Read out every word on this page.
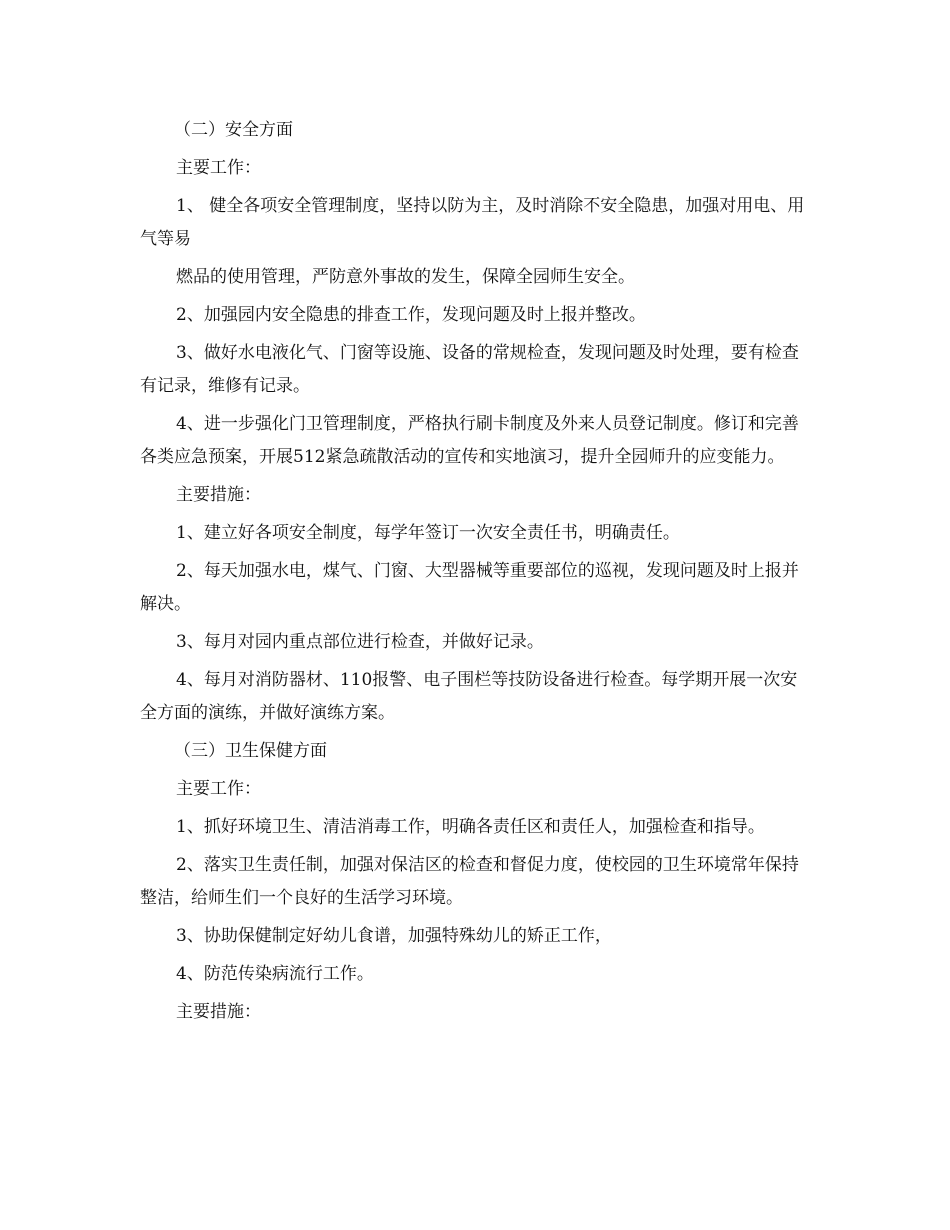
（二）安全方面

主要工作：

1、 健全各项安全管理制度，坚持以防为主，及时消除不安全隐患，加强对用电、用气等易

燃品的使用管理，严防意外事故的发生，保障全园师生安全。

2、加强园内安全隐患的排查工作，发现问题及时上报并整改。

3、做好水电液化气、门窗等设施、设备的常规检查，发现问题及时处理，要有检查有记录，维修有记录。

4、进一步强化门卫管理制度，严格执行刷卡制度及外来人员登记制度。修订和完善各类应急预案，开展512紧急疏散活动的宣传和实地演习，提升全园师升的应变能力。

主要措施：

1、建立好各项安全制度，每学年签订一次安全责任书，明确责任。

2、每天加强水电，煤气、门窗、大型器械等重要部位的巡视，发现问题及时上报并解决。

3、每月对园内重点部位进行检查，并做好记录。

4、每月对消防器材、110报警、电子围栏等技防设备进行检查。每学期开展一次安全方面的演练，并做好演练方案。

（三）卫生保健方面

主要工作：

1、抓好环境卫生、清洁消毒工作，明确各责任区和责任人，加强检查和指导。

2、落实卫生责任制，加强对保洁区的检查和督促力度，使校园的卫生环境常年保持整洁，给师生们一个良好的生活学习环境。

3、协助保健制定好幼儿食谱，加强特殊幼儿的矫正工作，

4、防范传染病流行工作。

主要措施：
